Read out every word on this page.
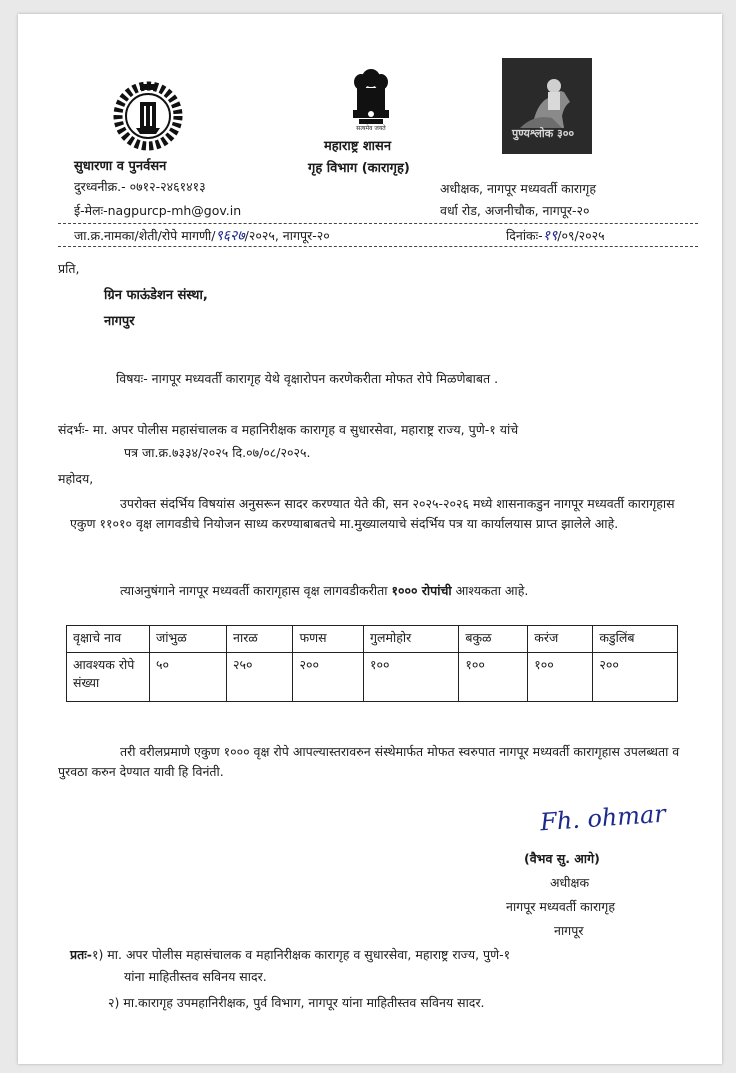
सत्यमेव जयते	पुण्यश्लोक ३००
सुधारणा व पुनर्वसन
दुरध्वनीक्र.- ०७१२-२४६१४१३
ई-मेलः-nagpurcp-mh@gov.in
महाराष्ट्र शासन
गृह विभाग (कारागृह)
अधीक्षक, नागपूर मध्यवर्ती कारागृह
वर्धा रोड, अजनीचौक, नागपूर-२०
जा.क्र.नामका/शेती/रोपे मागणी/९६२७/२०२५, नागपूर-२०	दिनांकः-१९/०९/२०२५
प्रति,
ग्रिन फाऊंडेशन संस्था,
नागपुर
विषयः- नागपूर मध्यवर्ती कारागृह येथे वृक्षारोपन करणेकरीता मोफत रोपे मिळणेबाबत .
संदर्भः- मा. अपर पोलीस महासंचालक व महानिरीक्षक कारागृह व सुधारसेवा, महाराष्ट्र राज्य, पुणे-१ यांचे
पत्र जा.क्र.७३३४/२०२५ दि.०७/०८/२०२५.
महोदय,
उपरोक्त संदर्भिय विषयांस अनुसरून सादर करण्यात येते की, सन २०२५-२०२६ मध्ये शासनाकडुन नागपूर मध्यवर्ती कारागृहास एकुण ११०१० वृक्ष लागवडीचे नियोजन साध्य करण्याबाबतचे मा.मुख्यालयाचे संदर्भिय पत्र या कार्यालयास प्राप्त झालेले आहे.
त्याअनुषंगाने नागपूर मध्यवर्ती कारागृहास वृक्ष लागवडीकरीता १००० रोपांची आश्यकता आहे.
वृक्षाचे नाव	जांभुळ	नारळ	फणस	गुलमोहोर	बकुळ	करंज	कडुलिंब
आवश्यक रोपे संख्या	५०	२५०	२००	१००	१००	१००	२००
तरी वरीलप्रमाणे एकुण १००० वृक्ष रोपे आपल्यास्तरावरुन संस्थेमार्फत मोफत स्वरुपात नागपूर मध्यवर्ती कारागृहास उपलब्धता व पुरवठा करुन देण्यात यावी हि विनंती.
Fh. ohmar
(वैभव सु. आगे)
अधीक्षक
नागपूर मध्यवर्ती कारागृह
नागपूर
प्रतः-१) मा. अपर पोलीस महासंचालक व महानिरीक्षक कारागृह व सुधारसेवा, महाराष्ट्र राज्य, पुणे-१
यांना माहितीस्तव सविनय सादर.
२) मा.कारागृह उपमहानिरीक्षक, पुर्व विभाग, नागपूर यांना माहितीस्तव सविनय सादर.
